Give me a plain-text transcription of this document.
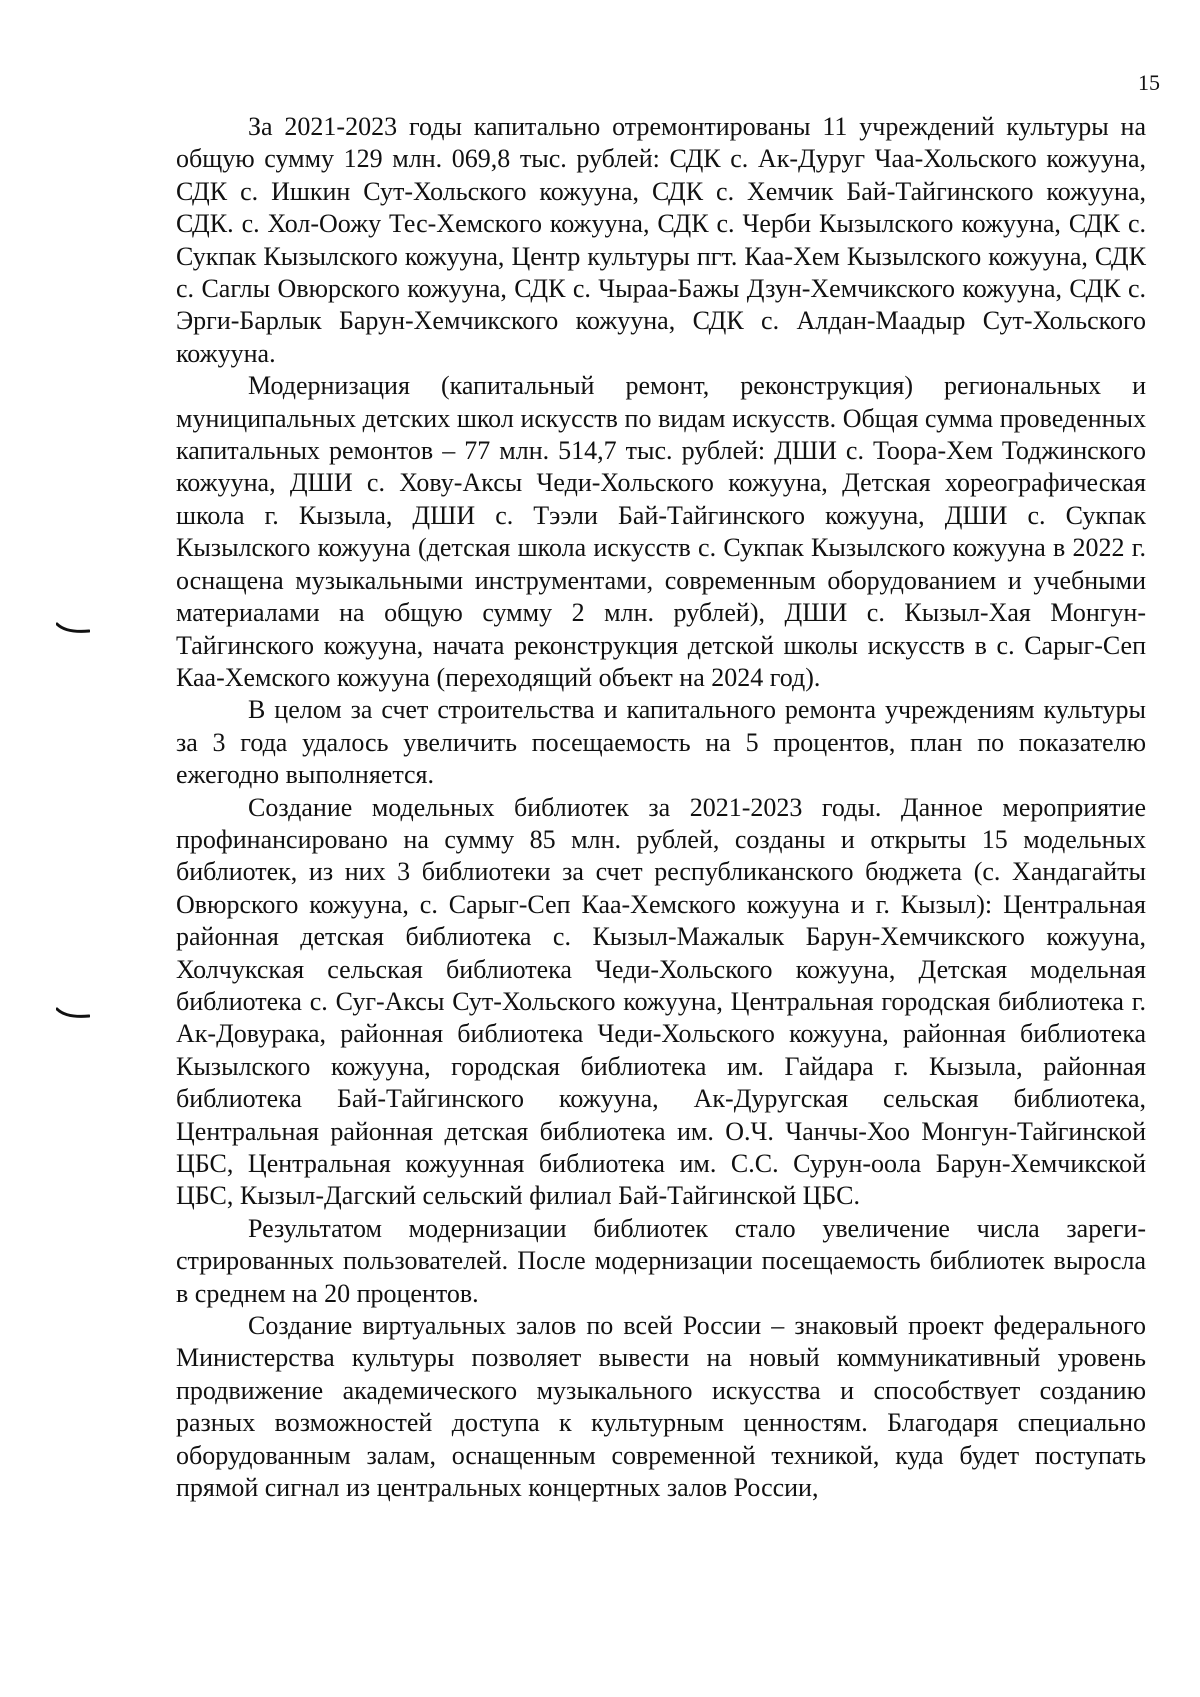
15

За 2021-2023 годы капитально отремонтированы 11 учреждений культуры на общую сумму 129 млн. 069,8 тыс. рублей: СДК с. Ак-Дуруг Чаа-Хольского кожууна, СДК с. Ишкин Сут-Хольского кожууна, СДК с. Хемчик Бай-Тайгинского кожууна, СДК. с. Хол-Оожу Тес-Хемского кожууна, СДК с. Черби Кызылского кожууна, СДК с. Сукпак Кызылского кожууна, Центр культуры пгт. Каа-Хем Кызылского кожууна, СДК с. Саглы Овюрского кожууна, СДК с. Чыраа-Бажы Дзун-Хемчикского кожууна, СДК с. Эрги-Барлык Барун-Хемчикского кожууна, СДК с. Алдан-Маадыр Сут-Хольского кожууна.

Модернизация (капитальный ремонт, реконструкция) региональных и муниципальных детских школ искусств по видам искусств. Общая сумма проведенных капитальных ремонтов – 77 млн. 514,7 тыс. рублей: ДШИ с. Тоора-Хем Тоджинского кожууна, ДШИ с. Хову-Аксы Чеди-Хольского кожууна, Детская хореографическая школа г. Кызыла, ДШИ с. Тээли Бай-Тайгинского кожууна, ДШИ с. Сукпак Кызылского кожууна (детская школа искусств с. Сукпак Кызылского кожууна в 2022 г. оснащена музыкальными инструментами, современным оборудованием и учебными материалами на общую сумму 2 млн. рублей), ДШИ с. Кызыл-Хая Монгун-Тайгинского кожууна, начата реконструкция детской школы искусств в с. Сарыг-Сеп Каа-Хемского кожууна (переходящий объект на 2024 год).

В целом за счет строительства и капитального ремонта учреждениям культуры за 3 года удалось увеличить посещаемость на 5 процентов, план по показателю ежегодно выполняется.

Создание модельных библиотек за 2021-2023 годы. Данное мероприятие профинансировано на сумму 85 млн. рублей, созданы и открыты 15 модельных библиотек, из них 3 библиотеки за счет республиканского бюджета (с. Хандагайты Овюрского кожууна, с. Сарыг-Сеп Каа-Хемского кожууна и г. Кызыл): Центральная районная детская библиотека с. Кызыл-Мажалык Барун-Хемчикского кожууна, Холчукская сельская библиотека Чеди-Хольского кожууна, Детская модельная библиотека с. Суг-Аксы Сут-Хольского кожууна, Центральная городская библиотека г. Ак-Довурака, районная библиотека Чеди-Хольского кожууна, районная библиотека Кызылского кожууна, городская библиотека им. Гайдара г. Кызыла, районная библиотека Бай-Тайгинского кожууна, Ак-Дуругская сельская библиотека, Центральная районная детская библиотека им. О.Ч. Чанчы-Хоо Монгун-Тайгинской ЦБС, Центральная кожуунная библиотека им. С.С. Сурун-оола Барун-Хемчикской ЦБС, Кызыл-Дагский сельский филиал Бай-Тайгинской ЦБС.

Результатом модернизации библиотек стало увеличение числа зарегистрированных пользователей. После модернизации посещаемость библиотек выросла в среднем на 20 процентов.

Создание виртуальных залов по всей России – знаковый проект федерального Министерства культуры позволяет вывести на новый коммуникативный уровень продвижение академического музыкального искусства и способствует созданию разных возможностей доступа к культурным ценностям. Благодаря специально оборудованным залам, оснащенным современной техникой, куда будет поступать прямой сигнал из центральных концертных залов России,
